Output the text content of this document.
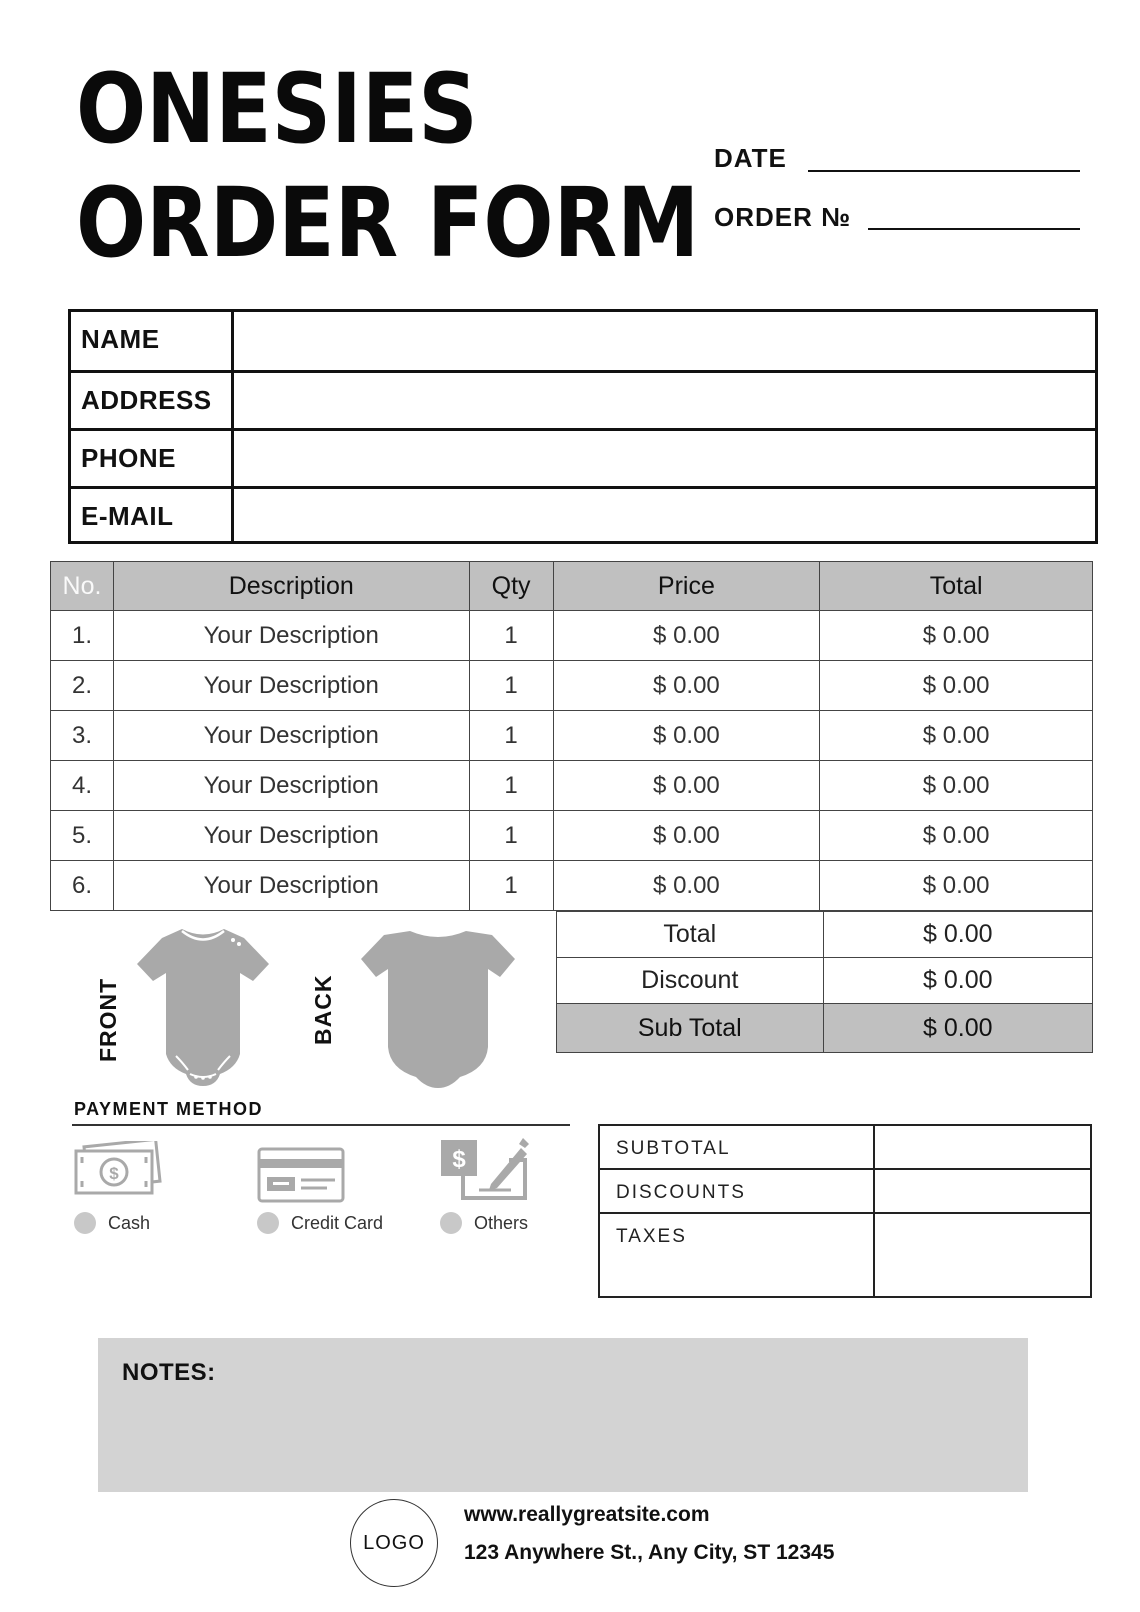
ONESIES
ORDER FORM
DATE
ORDER №
NAME
ADDRESS
PHONE
E-MAIL
No.	Description	Qty	Price	Total
1.	Your Description	1	$ 0.00	$ 0.00
2.	Your Description	1	$ 0.00	$ 0.00
3.	Your Description	1	$ 0.00	$ 0.00
4.	Your Description	1	$ 0.00	$ 0.00
5.	Your Description	1	$ 0.00	$ 0.00
6.	Your Description	1	$ 0.00	$ 0.00
Total	$ 0.00
Discount	$ 0.00
Sub Total	$ 0.00
FRONT	BACK
PAYMENT METHOD
$
$
Cash	Credit Card	Others
SUBTOTAL
DISCOUNTS
TAXES
NOTES:
LOGO
www.reallygreatsite.com
123 Anywhere St., Any City, ST 12345
